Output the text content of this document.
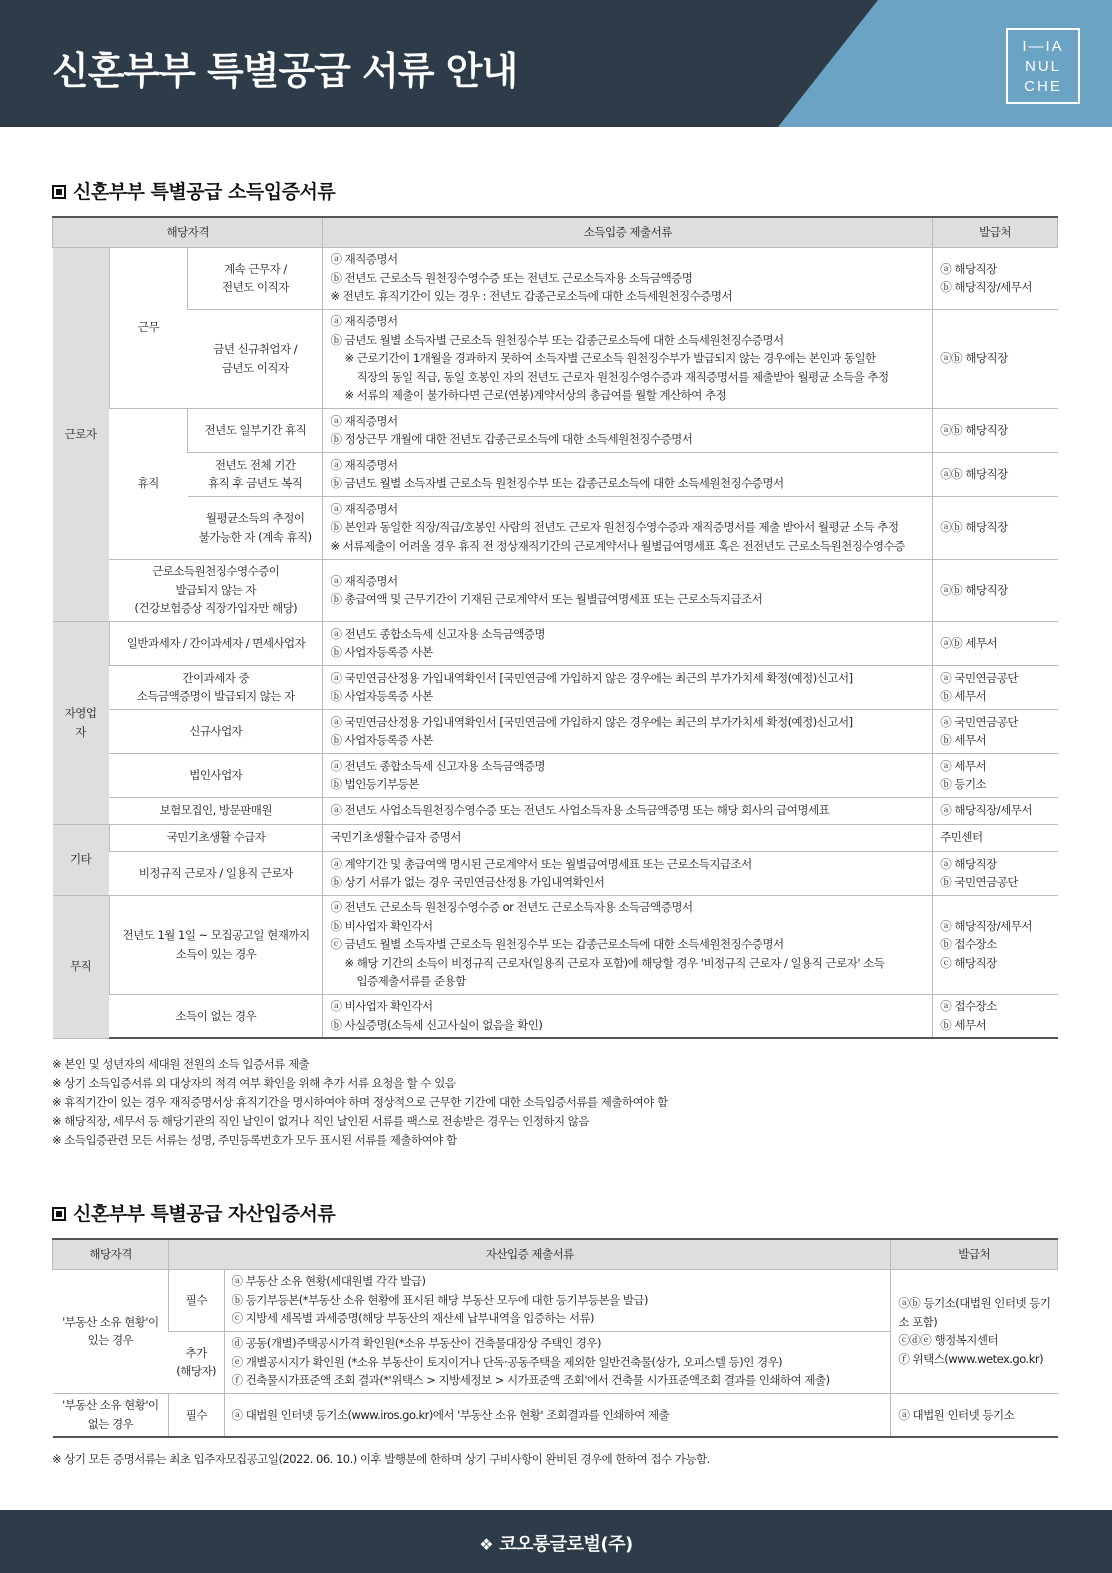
신혼부부 특별공급 서류 안내
I—IA
NUL
CHE
신혼부부 특별공급 소득입증서류
해당자격			소득입증 제출서류	발급처
근로자	근무	계속 근무자 /
전년도 이직자	ⓐ 재직증명서
ⓑ 전년도 근로소득 원천징수영수증 또는 전년도 근로소득자용 소득금액증명
※ 전년도 휴직기간이 있는 경우 : 전년도 갑종근로소득에 대한 소득세원천징수증명서	ⓐ 해당직장
ⓑ 해당직장/세무서

		금년 신규취업자 /
금년도 이직자	ⓐ 재직증명서
ⓑ 금년도 월별 소득자별 근로소득 원천징수부 또는 갑종근로소득에 대한 소득세원천징수증명서
※ 근로기간이 1개월을 경과하지 못하여 소득자별 근로소득 원천징수부가 발급되지 않는 경우에는 본인과 동일한
직장의 동일 직급, 동일 호봉인 자의 전년도 근로자 원천징수영수증과 재직증명서를 제출받아 월평균 소득을 추정
※ 서류의 제출이 불가하다면 근로(연봉)계약서상의 총급여를 월할 계산하여 추정	ⓐⓑ 해당직장

	휴직	전년도 일부기간 휴직	ⓐ 재직증명서
ⓑ 정상근무 개월에 대한 전년도 갑종근로소득에 대한 소득세원천징수증명서	ⓐⓑ 해당직장

		전년도 전체 기간
휴직 후 금년도 복직	ⓐ 재직증명서
ⓑ 금년도 월별 소득자별 근로소득 원천징수부 또는 갑종근로소득에 대한 소득세원천징수증명서	ⓐⓑ 해당직장

		월평균소득의 추정이
불가능한 자 (계속 휴직)	ⓐ 재직증명서
ⓑ 본인과 동일한 직장/직급/호봉인 사람의 전년도 근로자 원천징수영수증과 재직증명서를 제출 받아서 월평균 소득 추정
※ 서류제출이 어려울 경우 휴직 전 정상재직기간의 근로계약서나 월별급여명세표 혹은 전전년도 근로소득원천징수영수증	ⓐⓑ 해당직장

	근로소득원천징수영수증이
발급되지 않는 자
(건강보험증상 직장가입자만 해당)		ⓐ 재직증명서
ⓑ 총급여액 및 근무기간이 기재된 근로계약서 또는 월별급여명세표 또는 근로소득지급조서	ⓐⓑ 해당직장

자영업자	일반과세자 / 간이과세자 / 면세사업자		ⓐ 전년도 종합소득세 신고자용 소득금액증명
ⓑ 사업자등록증 사본	ⓐⓑ 세무서

	간이과세자 중
소득금액증명이 발급되지 않는 자		ⓐ 국민연금산정용 가입내역확인서 [국민연금에 가입하지 않은 경우에는 최근의 부가가치세 확정(예정)신고서]
ⓑ 사업자등록증 사본	ⓐ 국민연금공단
ⓑ 세무서

	신규사업자		ⓐ 국민연금산정용 가입내역확인서 [국민연금에 가입하지 않은 경우에는 최근의 부가가치세 확정(예정)신고서]
ⓑ 사업자등록증 사본	ⓐ 국민연금공단
ⓑ 세무서

	법인사업자		ⓐ 전년도 종합소득세 신고자용 소득금액증명
ⓑ 법인등기부등본	ⓐ 세무서
ⓑ 등기소

	보험모집인, 방문판매원		ⓐ 전년도 사업소득원천징수영수증 또는 전년도 사업소득자용 소득금액증명 또는 해당 회사의 급여명세표	ⓐ 해당직장/세무서

기타	국민기초생활 수급자		국민기초생활수급자 증명서	주민센터

	비정규직 근로자 / 일용직 근로자		ⓐ 계약기간 및 총급여액 명시된 근로계약서 또는 월별급여명세표 또는 근로소득지급조서
ⓑ 상기 서류가 없는 경우 국민연금산정용 가입내역확인서	ⓐ 해당직장
ⓑ 국민연금공단

무직	전년도 1월 1일 ~ 모집공고일 현재까지
소득이 있는 경우		ⓐ 전년도 근로소득 원천징수영수증 or 전년도 근로소득자용 소득금액증명서
ⓑ 비사업자 확인각서
ⓒ 금년도 월별 소득자별 근로소득 원천징수부 또는 갑종근로소득에 대한 소득세원천징수증명서
※ 해당 기간의 소득이 비정규직 근로자(일용직 근로자 포함)에 해당할 경우 '비정규직 근로자 / 일용직 근로자' 소득
입증제출서류를 준용함	ⓐ 해당직장/세무서
ⓑ 접수장소
ⓒ 해당직장

	소득이 없는 경우		ⓐ 비사업자 확인각서
ⓑ 사실증명(소득세 신고사실이 없음을 확인)	ⓐ 접수장소
ⓑ 세무서
※ 본인 및 성년자의 세대원 전원의 소득 입증서류 제출
※ 상기 소득입증서류 외 대상자의 적격 여부 확인을 위해 추가 서류 요청을 할 수 있음
※ 휴직기간이 있는 경우 재직증명서상 휴직기간을 명시하여야 하며 정상적으로 근무한 기간에 대한 소득입증서류를 제출하여야 함
※ 해당직장, 세무서 등 해당기관의 직인 날인이 없거나 직인 날인된 서류를 팩스로 전송받은 경우는 인정하지 않음
※ 소득입증관련 모든 서류는 성명, 주민등록번호가 모두 표시된 서류를 제출하여야 함
신혼부부 특별공급 자산입증서류
해당자격	자산입증 제출서류		발급처

'부동산 소유 현황'이
있는 경우	필수	ⓐ 부동산 소유 현황(세대원별 각각 발급)
ⓑ 등기부등본(*부동산 소유 현황에 표시된 해당 부동산 모두에 대한 등기부등본을 발급)
ⓒ 지방세 세목별 과세증명(해당 부동산의 재산세 납부내역을 입증하는 서류)	ⓐⓑ 등기소(대법원 인터넷 등기
소 포함)
ⓒⓓⓔ 행정복지센터
ⓕ 위택스(www.wetex.go.kr)

	추가
(해당자)	ⓓ 공동(개별)주택공시가격 확인원(*소유 부동산이 건축물대장상 주택인 경우)
ⓔ 개별공시지가 확인원 (*소유 부동산이 토지이거나 단독·공동주택을 제외한 일반건축물(상가, 오피스텔 등)인 경우)
ⓕ 건축물시가표준액 조회 결과(*'위택스 > 지방세정보 > 시가표준액 조회'에서 건축물 시가표준액조회 결과를 인쇄하여 제출)	

'부동산 소유 현황'이
없는 경우	필수	ⓐ 대법원 인터넷 등기소(www.iros.go.kr)에서 '부동산 소유 현황' 조회결과를 인쇄하여 제출	ⓐ 대법원 인터넷 등기소
※ 상기 모든 증명서류는 최초 입주자모집공고일(2022. 06. 10.) 이후 발행분에 한하며 상기 구비사항이 완비된 경우에 한하여 접수 가능함.
❖ 코오롱글로벌(주)
